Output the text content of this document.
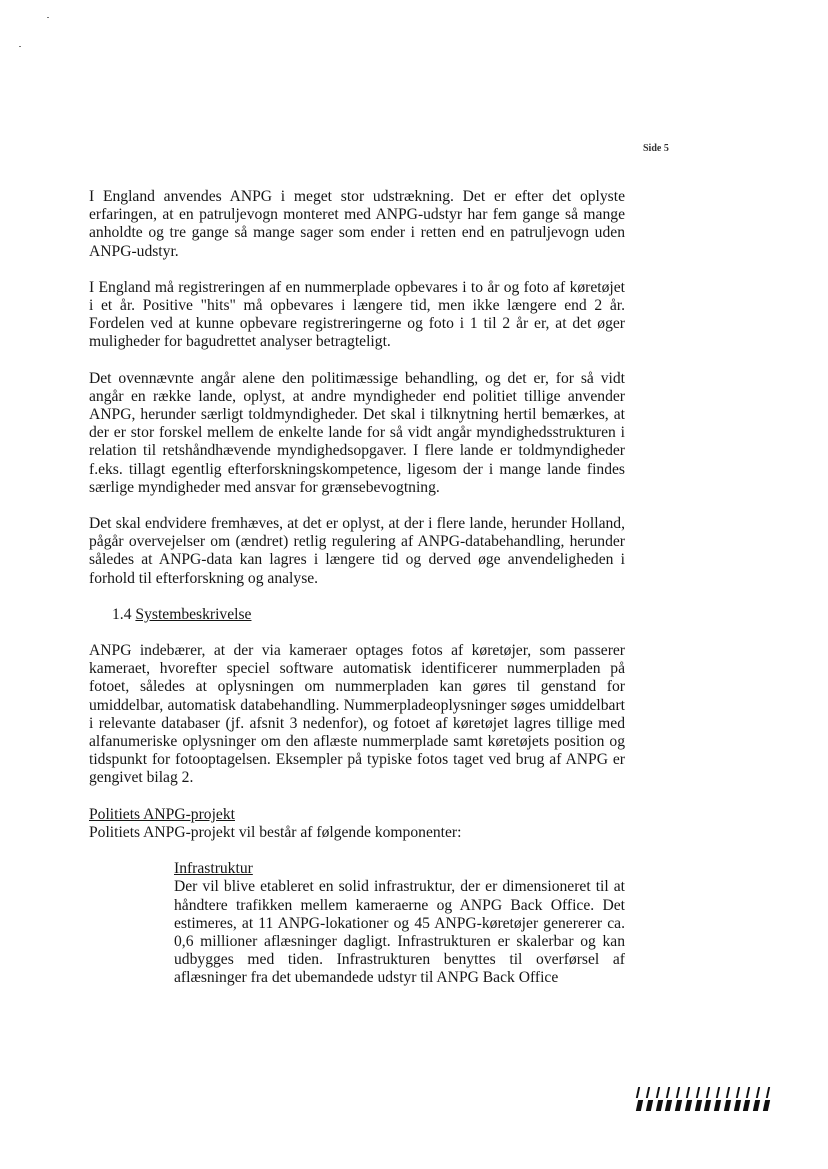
Side 5

I England anvendes ANPG i meget stor udstrækning. Det er efter det oplyste erfaringen, at en patruljevogn monteret med ANPG-udstyr har fem gange så mange anholdte og tre gange så mange sager som ender i retten end en patruljevogn uden ANPG-udstyr.

I England må registreringen af en nummerplade opbevares i to år og foto af køretøjet i et år. Positive "hits" må opbevares i længere tid, men ikke længere end 2 år. Fordelen ved at kunne opbevare registreringerne og foto i 1 til 2 år er, at det øger muligheder for bagudrettet analyser betragteligt.

Det ovennævnte angår alene den politimæssige behandling, og det er, for så vidt angår en række lande, oplyst, at andre myndigheder end politiet tillige anvender ANPG, herunder særligt toldmyndigheder. Det skal i tilknytning hertil bemærkes, at der er stor forskel mellem de enkelte lande for så vidt angår myndighedsstrukturen i relation til retshåndhævende myndighedsopgaver. I flere lande er toldmyndigheder f.eks. tillagt egentlig efterforskningskompetence, ligesom der i mange lande findes særlige myndigheder med ansvar for grænsebevogtning.

Det skal endvidere fremhæves, at det er oplyst, at der i flere lande, herunder Holland, pågår overvejelser om (ændret) retlig regulering af ANPG-databehandling, herunder således at ANPG-data kan lagres i længere tid og derved øge anvendeligheden i forhold til efterforskning og analyse.

1.4 Systembeskrivelse

ANPG indebærer, at der via kameraer optages fotos af køretøjer, som passerer kameraet, hvorefter speciel software automatisk identificerer nummerpladen på fotoet, således at oplysningen om nummerpladen kan gøres til genstand for umiddelbar, automatisk databehandling. Nummerpladeoplysninger søges umiddelbart i relevante databaser (jf. afsnit 3 nedenfor), og fotoet af køretøjet lagres tillige med alfanumeriske oplysninger om den aflæste nummerplade samt køretøjets position og tidspunkt for fotooptagelsen. Eksempler på typiske fotos taget ved brug af ANPG er gengivet bilag 2.

Politiets ANPG-projekt

Politiets ANPG-projekt vil består af følgende komponenter:

Infrastruktur

Der vil blive etableret en solid infrastruktur, der er dimensioneret til at håndtere trafikken mellem kameraerne og ANPG Back Office. Det estimeres, at 11 ANPG-lokationer og 45 ANPG-køretøjer genererer ca. 0,6 millioner aflæsninger dagligt. Infrastrukturen er skalerbar og kan udbygges med tiden. Infrastrukturen benyttes til overførsel af aflæsninger fra det ubemandede udstyr til ANPG Back Office
